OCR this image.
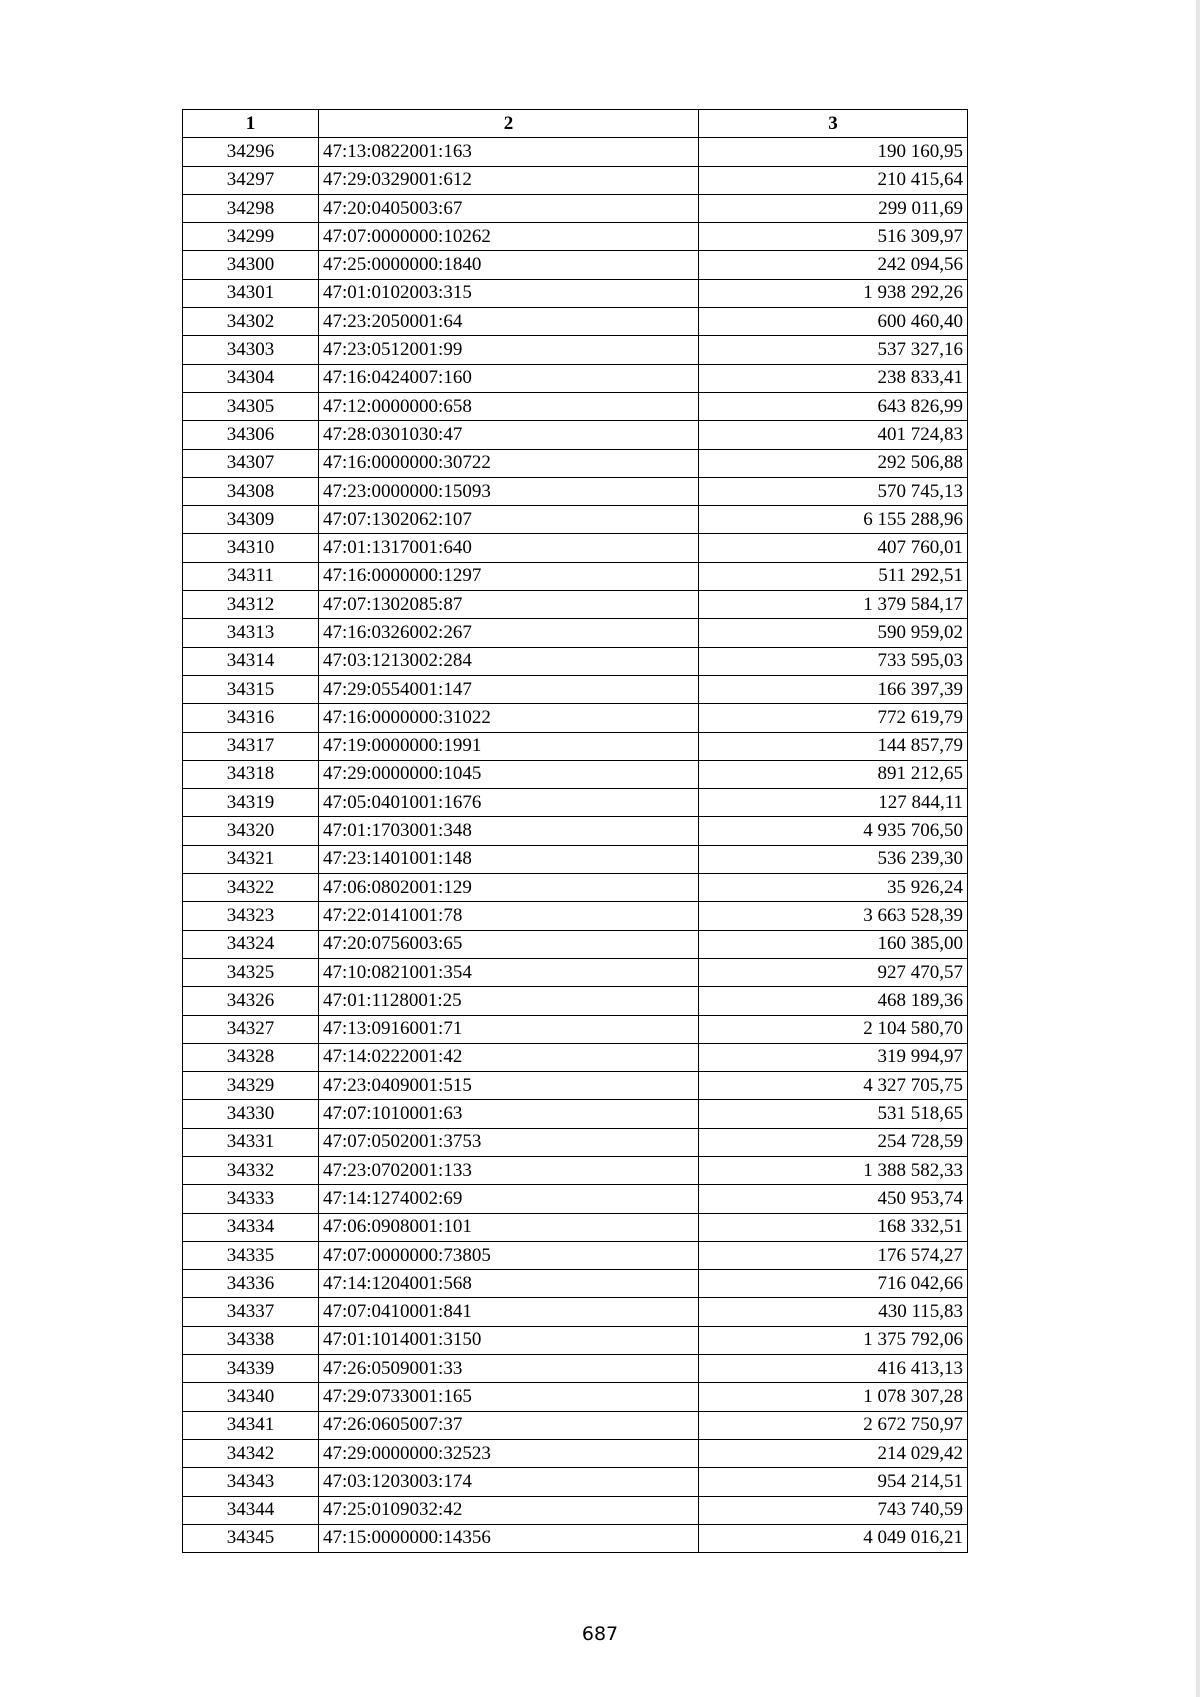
1	2	3
34296	47:13:0822001:163	190 160,95
34297	47:29:0329001:612	210 415,64
34298	47:20:0405003:67	299 011,69
34299	47:07:0000000:10262	516 309,97
34300	47:25:0000000:1840	242 094,56
34301	47:01:0102003:315	1 938 292,26
34302	47:23:2050001:64	600 460,40
34303	47:23:0512001:99	537 327,16
34304	47:16:0424007:160	238 833,41
34305	47:12:0000000:658	643 826,99
34306	47:28:0301030:47	401 724,83
34307	47:16:0000000:30722	292 506,88
34308	47:23:0000000:15093	570 745,13
34309	47:07:1302062:107	6 155 288,96
34310	47:01:1317001:640	407 760,01
34311	47:16:0000000:1297	511 292,51
34312	47:07:1302085:87	1 379 584,17
34313	47:16:0326002:267	590 959,02
34314	47:03:1213002:284	733 595,03
34315	47:29:0554001:147	166 397,39
34316	47:16:0000000:31022	772 619,79
34317	47:19:0000000:1991	144 857,79
34318	47:29:0000000:1045	891 212,65
34319	47:05:0401001:1676	127 844,11
34320	47:01:1703001:348	4 935 706,50
34321	47:23:1401001:148	536 239,30
34322	47:06:0802001:129	35 926,24
34323	47:22:0141001:78	3 663 528,39
34324	47:20:0756003:65	160 385,00
34325	47:10:0821001:354	927 470,57
34326	47:01:1128001:25	468 189,36
34327	47:13:0916001:71	2 104 580,70
34328	47:14:0222001:42	319 994,97
34329	47:23:0409001:515	4 327 705,75
34330	47:07:1010001:63	531 518,65
34331	47:07:0502001:3753	254 728,59
34332	47:23:0702001:133	1 388 582,33
34333	47:14:1274002:69	450 953,74
34334	47:06:0908001:101	168 332,51
34335	47:07:0000000:73805	176 574,27
34336	47:14:1204001:568	716 042,66
34337	47:07:0410001:841	430 115,83
34338	47:01:1014001:3150	1 375 792,06
34339	47:26:0509001:33	416 413,13
34340	47:29:0733001:165	1 078 307,28
34341	47:26:0605007:37	2 672 750,97
34342	47:29:0000000:32523	214 029,42
34343	47:03:1203003:174	954 214,51
34344	47:25:0109032:42	743 740,59
34345	47:15:0000000:14356	4 049 016,21
687
